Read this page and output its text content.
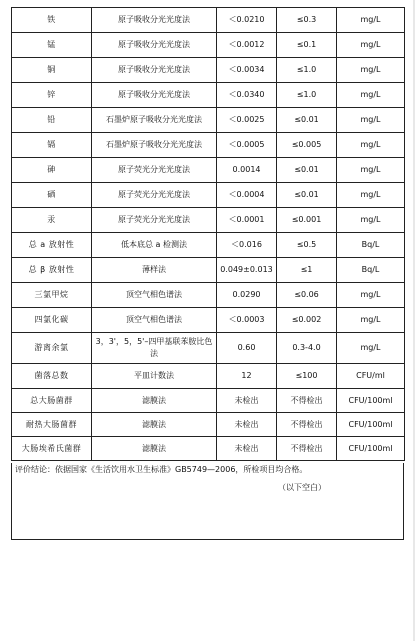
铁	原子吸收分光光度法	＜0.0210	≤0.3	mg/L
锰	原子吸收分光光度法	＜0.0012	≤0.1	mg/L
铜	原子吸收分光光度法	＜0.0034	≤1.0	mg/L
锌	原子吸收分光光度法	＜0.0340	≤1.0	mg/L
铅	石墨炉原子吸收分光光度法	＜0.0025	≤0.01	mg/L
镉	石墨炉原子吸收分光光度法	＜0.0005	≤0.005	mg/L
砷	原子荧光分光光度法	0.0014	≤0.01	mg/L
硒	原子荧光分光光度法	＜0.0004	≤0.01	mg/L
汞	原子荧光分光光度法	＜0.0001	≤0.001	mg/L
总 a 放射性	低本底总 a 检测法	＜0.016	≤0.5	Bq/L
总 β 放射性	薄样法	0.049±0.013	≤1	Bq/L
三氯甲烷	顶空气相色谱法	0.0290	≤0.06	mg/L
四氯化碳	顶空气相色谱法	＜0.0003	≤0.002	mg/L
游离余氯	3，3'，5，5'–四甲基联苯胺比色法	0.60	0.3-4.0	mg/L
菌落总数	平皿计数法	12	≤100	CFU/ml
总大肠菌群	滤膜法	未检出	不得检出	CFU/100ml
耐热大肠菌群	滤膜法	未检出	不得检出	CFU/100ml
大肠埃希氏菌群	滤膜法	未检出	不得检出	CFU/100ml
评价结论：依据国家《生活饮用水卫生标准》GB5749—2006，所检项目均合格。
（以下空白）
